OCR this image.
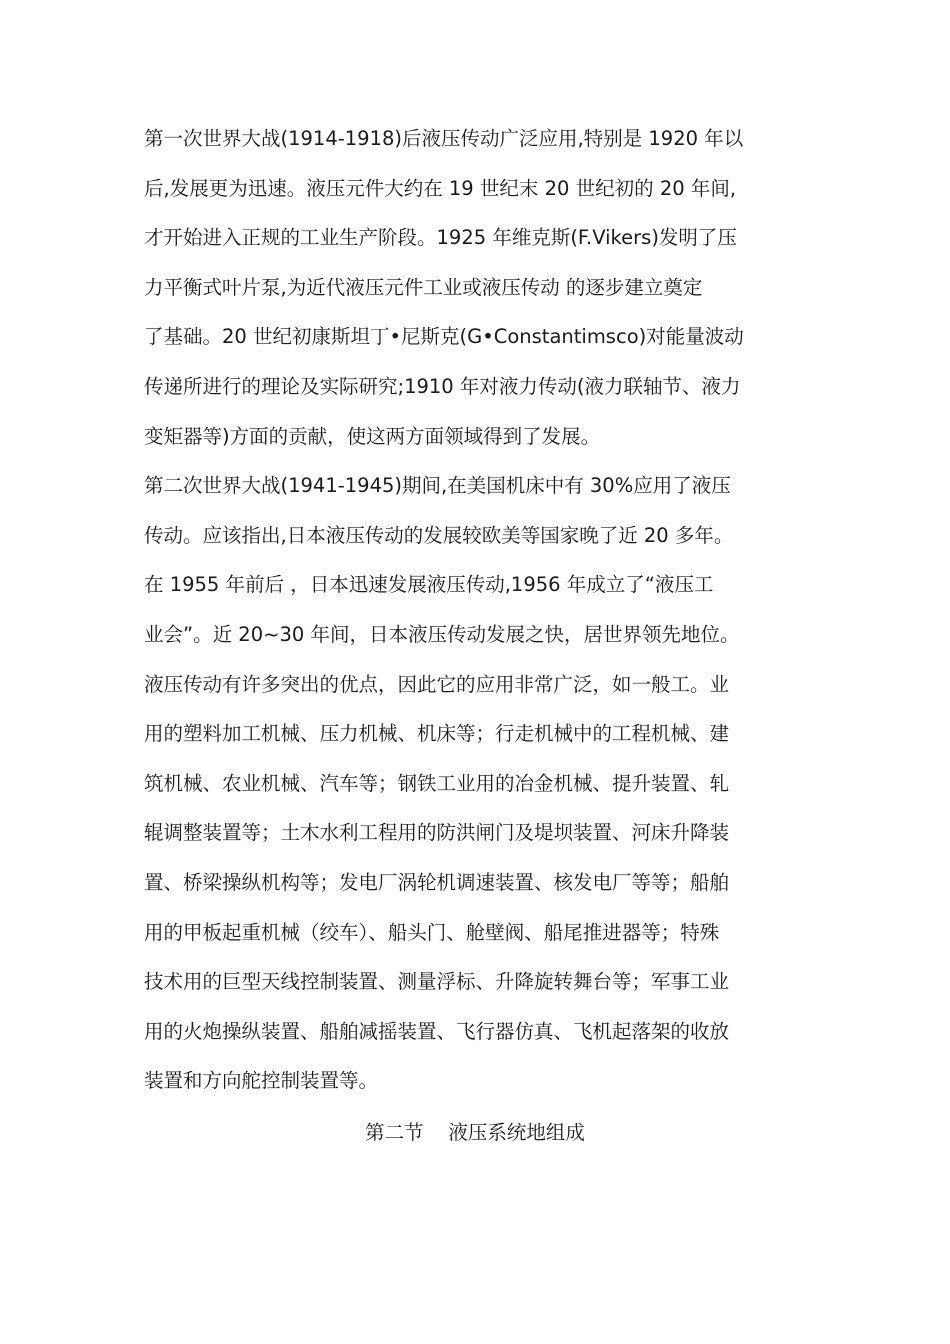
第一次世界大战(1914-1918)后液压传动广泛应用,特别是 1920 年以
后,发展更为迅速。液压元件大约在 19 世纪末 20 世纪初的 20 年间,
才开始进入正规的工业生产阶段。1925 年维克斯(F.Vikers)发明了压
力平衡式叶片泵,为近代液压元件工业或液压传动 的逐步建立奠定
了基础。20 世纪初康斯坦丁•尼斯克(G•Constantimsco)对能量波动
传递所进行的理论及实际研究;1910 年对液力传动(液力联轴节、液力
变矩器等)方面的贡献，使这两方面领域得到了发展。
第二次世界大战(1941-1945)期间,在美国机床中有 30%应用了液压
传动。应该指出,日本液压传动的发展较欧美等国家晚了近 20 多年。
在 1955 年前后 ，日本迅速发展液压传动,1956 年成立了“液压工
业会”。近 20~30 年间，日本液压传动发展之快，居世界领先地位。
液压传动有许多突出的优点，因此它的应用非常广泛，如一般工。业
用的塑料加工机械、压力机械、机床等；行走机械中的工程机械、建
筑机械、农业机械、汽车等；钢铁工业用的冶金机械、提升装置、轧
辊调整装置等；土木水利工程用的防洪闸门及堤坝装置、河床升降装
置、桥梁操纵机构等；发电厂涡轮机调速装置、核发电厂等等；船舶
用的甲板起重机械（绞车）、船头门、舱壁阀、船尾推进器等；特殊
技术用的巨型天线控制装置、测量浮标、升降旋转舞台等；军事工业
用的火炮操纵装置、船舶减摇装置、飞行器仿真、飞机起落架的收放
装置和方向舵控制装置等。
第二节    液压系统地组成
